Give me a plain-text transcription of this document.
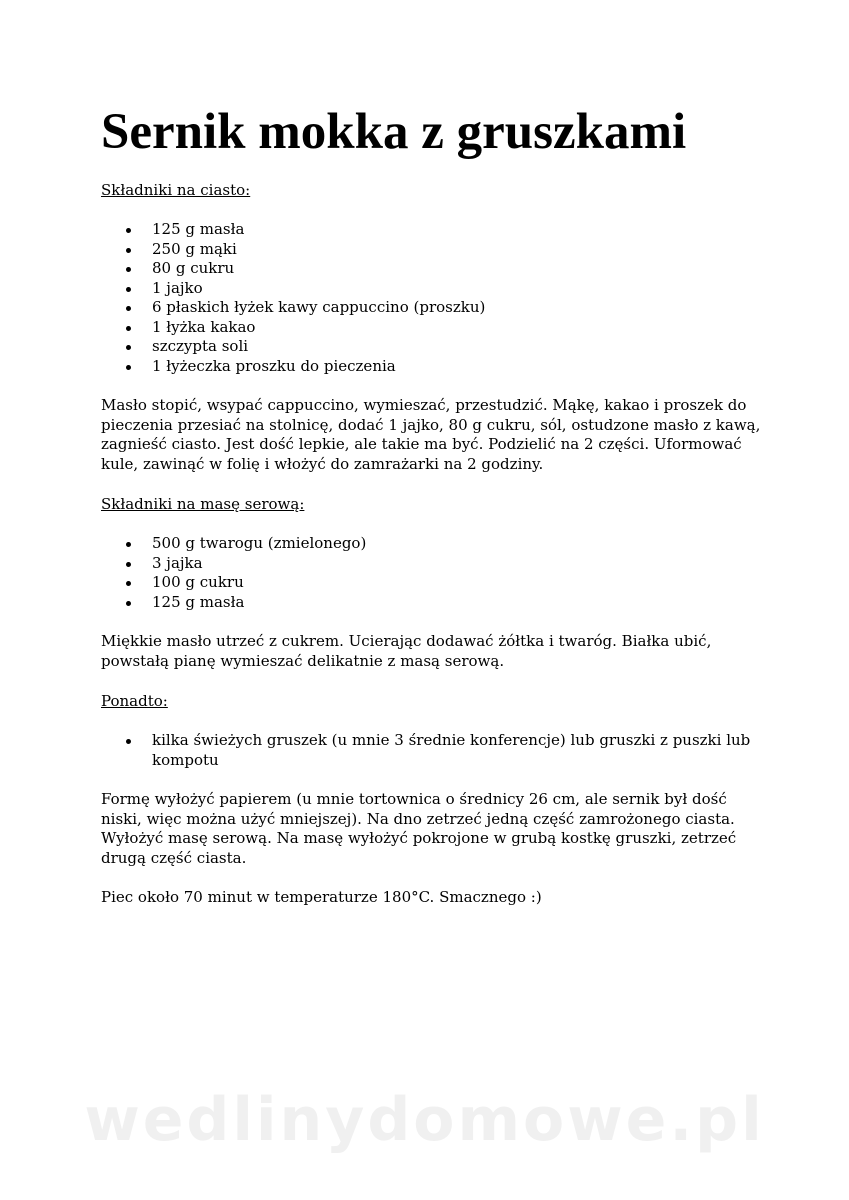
Sernik mokka z gruszkami
Składniki na ciasto:
125 g masła
250 g mąki
80 g cukru
1 jajko
6 płaskich łyżek kawy cappuccino (proszku)
1 łyżka kakao
szczypta soli
1 łyżeczka proszku do pieczenia

Masło stopić, wsypać cappuccino, wymieszać, przestudzić. Mąkę, kakao i proszek do pieczenia przesiać na stolnicę, dodać 1 jajko, 80 g cukru, sól, ostudzone masło z kawą, zagnieść ciasto. Jest dość lepkie, ale takie ma być. Podzielić na 2 części. Uformować kule, zawinąć w folię i włożyć do zamrażarki na 2 godziny.

Składniki na masę serową:
500 g twarogu (zmielonego)
3 jajka
100 g cukru
125 g masła

Miękkie masło utrzeć z cukrem. Ucierając dodawać żółtka i twaróg. Białka ubić, powstałą pianę wymieszać delikatnie z masą serową.

Ponadto:
kilka świeżych gruszek (u mnie 3 średnie konferencje) lub gruszki z puszki lub kompotu

Formę wyłożyć papierem (u mnie tortownica o średnicy 26 cm, ale sernik był dość niski, więc można użyć mniejszej). Na dno zetrzeć jedną część zamrożonego ciasta. Wyłożyć masę serową. Na masę wyłożyć pokrojone w grubą kostkę gruszki, zetrzeć drugą część ciasta.

Piec około 70 minut w temperaturze 180°C. Smacznego :)

wedlinydomowe.pl
